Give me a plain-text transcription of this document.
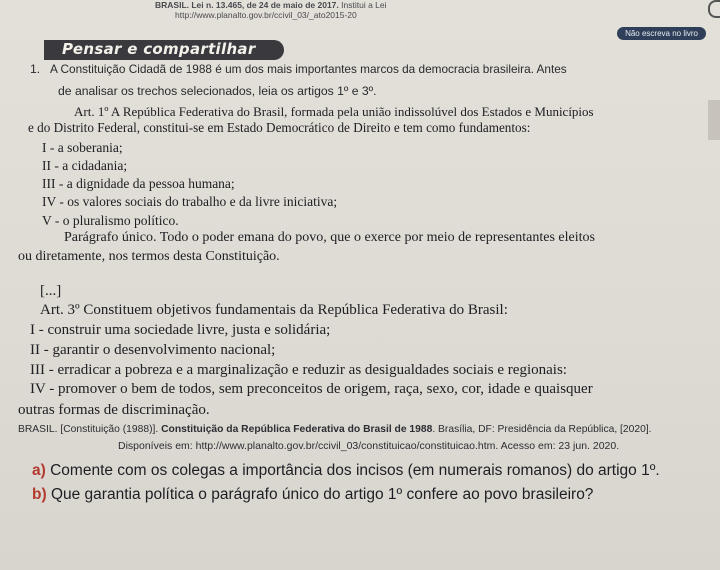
BRASIL. Lei n. 13.465, de 24 de maio de 2017. Institui a Lei
http://www.planalto.gov.br/ccivil_03/_ato2015-20
Não escreva no livro
Pensar e compartilhar
1. A Constituição Cidadã de 1988 é um dos mais importantes marcos da democracia brasileira. Antes
de analisar os trechos selecionados, leia os artigos 1º e 3º.
Art. 1º A República Federativa do Brasil, formada pela união indissolúvel dos Estados e Municípios
e do Distrito Federal, constitui-se em Estado Democrático de Direito e tem como fundamentos:
I - a soberania;
II - a cidadania;
III - a dignidade da pessoa humana;
IV - os valores sociais do trabalho e da livre iniciativa;
V - o pluralismo político.
Parágrafo único. Todo o poder emana do povo, que o exerce por meio de representantes eleitos
ou diretamente, nos termos desta Constituição.
[...]
Art. 3º Constituem objetivos fundamentais da República Federativa do Brasil:
I - construir uma sociedade livre, justa e solidária;
II - garantir o desenvolvimento nacional;
III - erradicar a pobreza e a marginalização e reduzir as desigualdades sociais e regionais:
IV - promover o bem de todos, sem preconceitos de origem, raça, sexo, cor, idade e quaisquer
outras formas de discriminação.
BRASIL. [Constituição (1988)]. Constituição da República Federativa do Brasil de 1988. Brasília, DF: Presidência da República, [2020].
Disponíveis em: http://www.planalto.gov.br/ccivil_03/constituicao/constituicao.htm. Acesso em: 23 jun. 2020.
a) Comente com os colegas a importância dos incisos (em numerais romanos) do artigo 1º.
b) Que garantia política o parágrafo único do artigo 1º confere ao povo brasileiro?
